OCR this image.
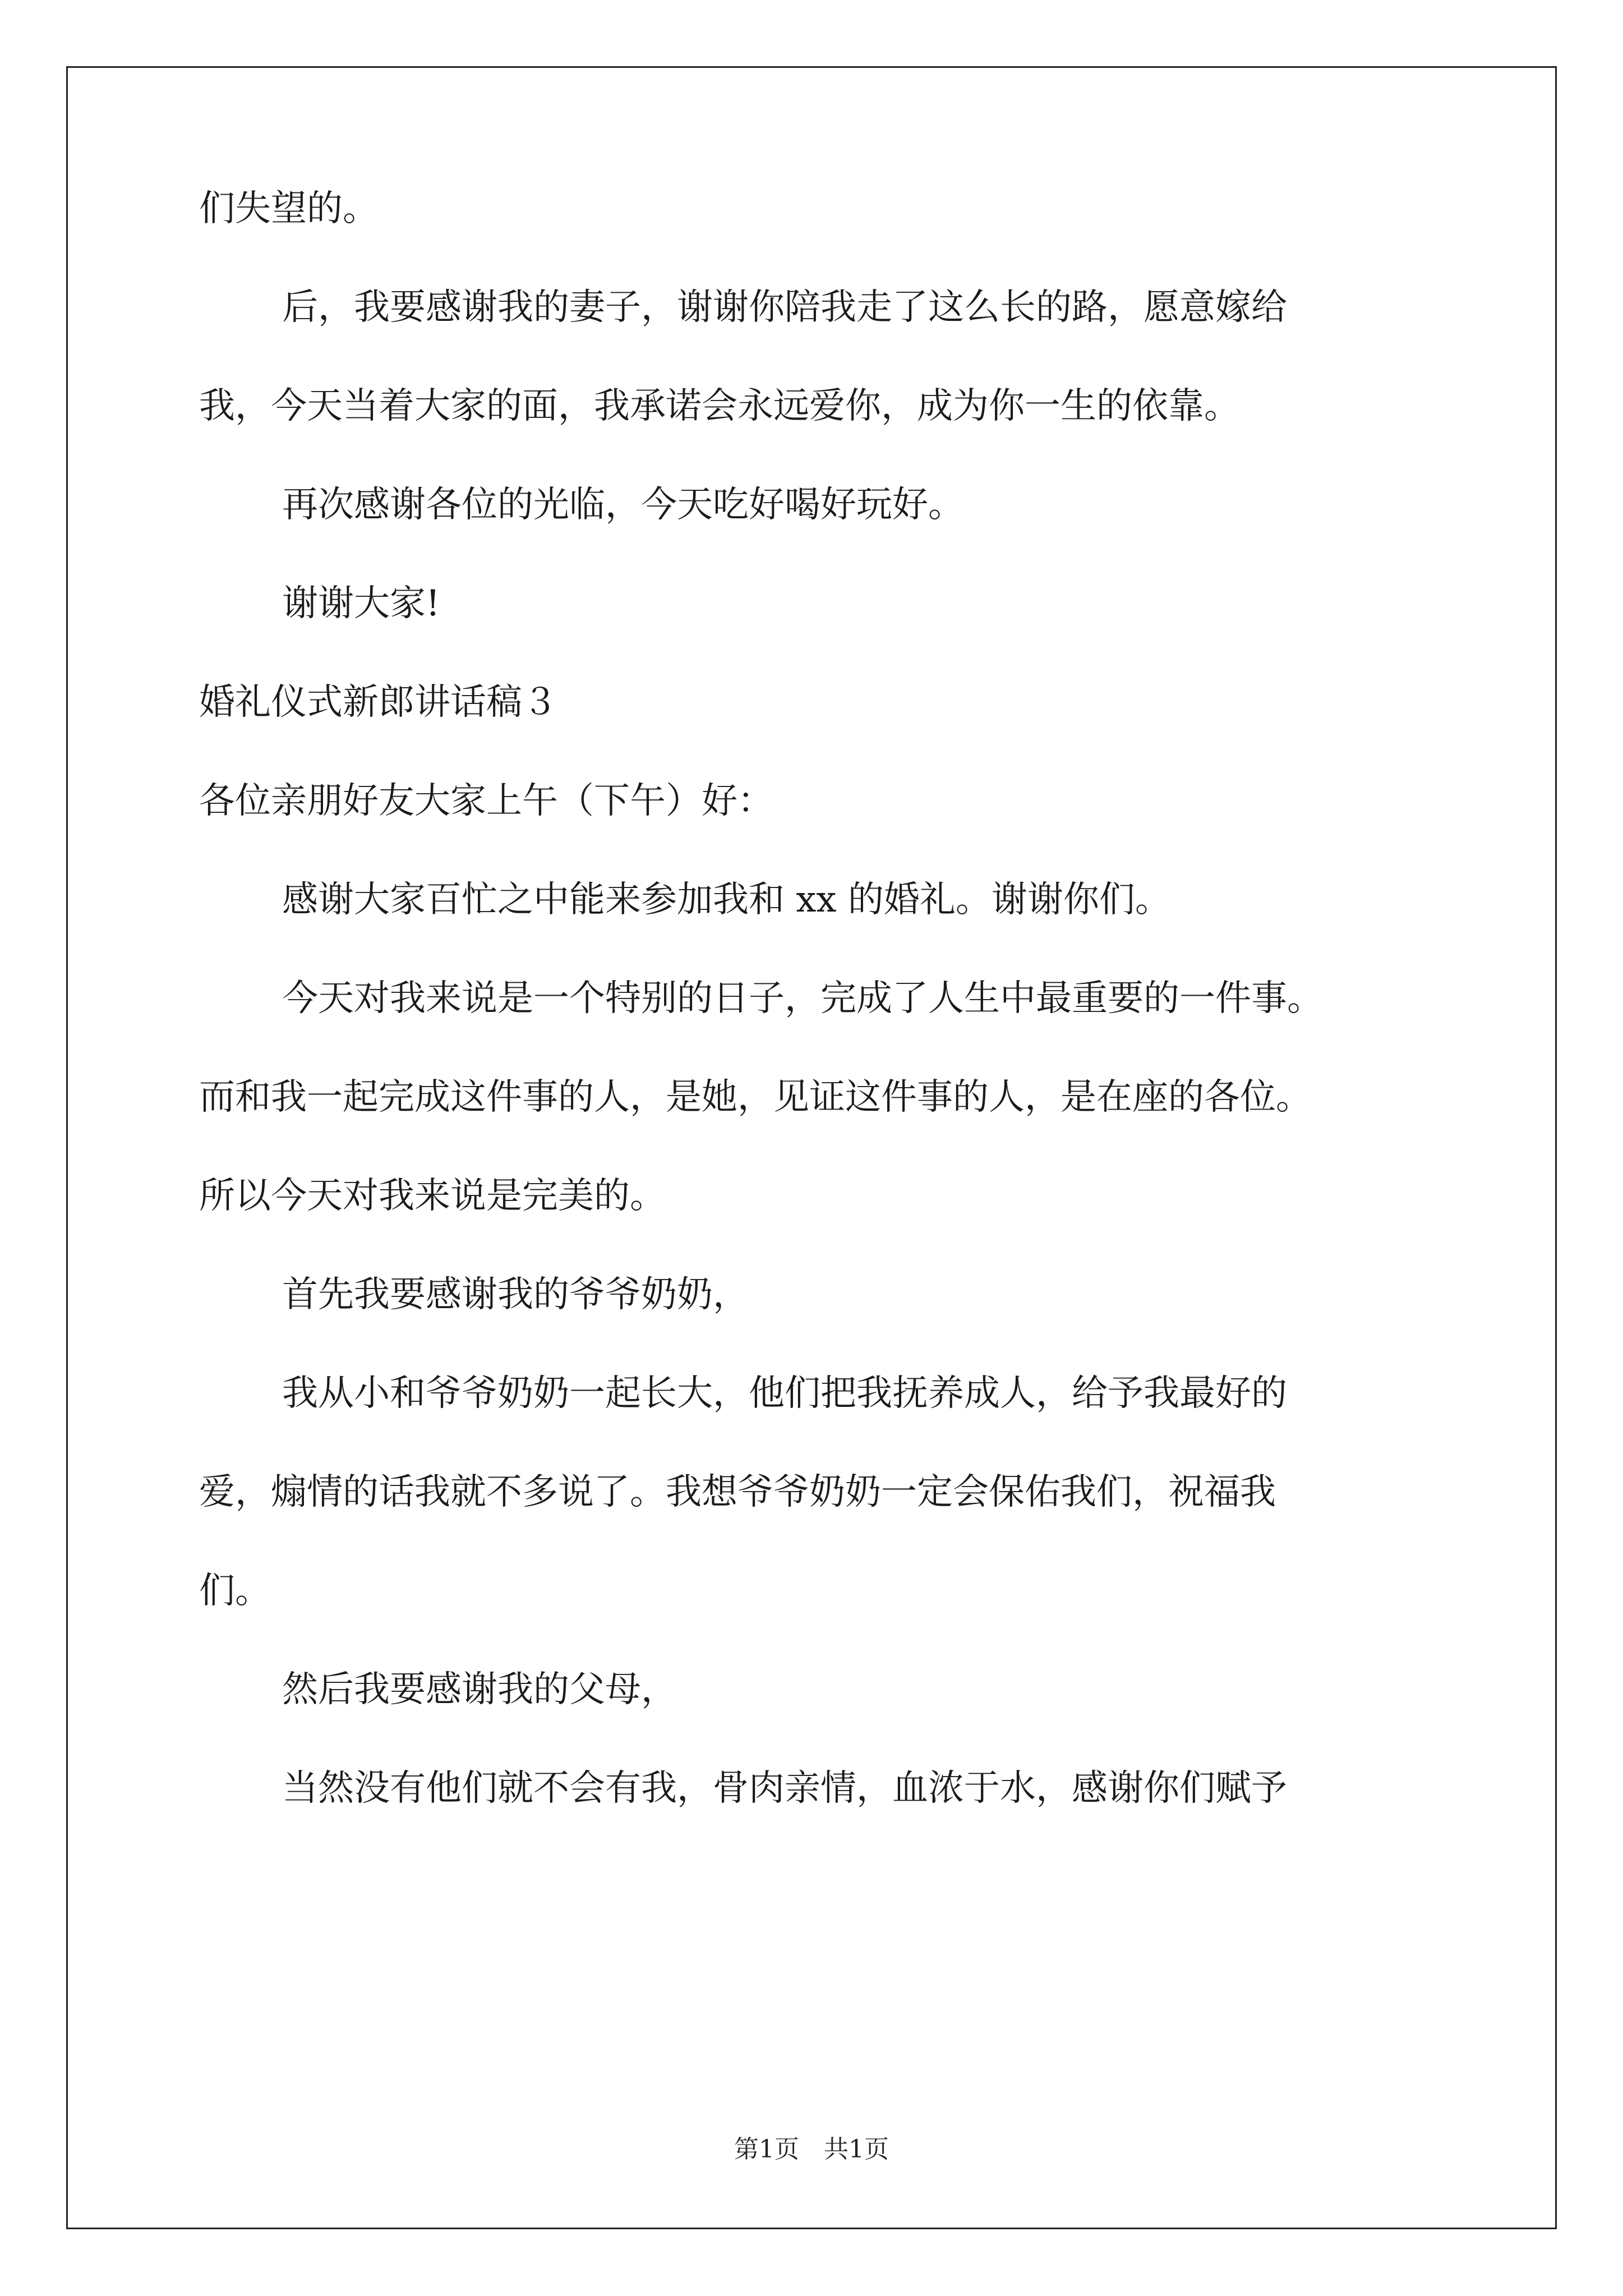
们失望的。
后，我要感谢我的妻子，谢谢你陪我走了这么长的路，愿意嫁给
我，今天当着大家的面，我承诺会永远爱你，成为你一生的依靠。
再次感谢各位的光临，今天吃好喝好玩好。
谢谢大家!
婚礼仪式新郎讲话稿３
各位亲朋好友大家上午（下午）好：
感谢大家百忙之中能来参加我和 xx 的婚礼。谢谢你们。
今天对我来说是一个特别的日子，完成了人生中最重要的一件事。
而和我一起完成这件事的人，是她，见证这件事的人，是在座的各位。
所以今天对我来说是完美的。
首先我要感谢我的爷爷奶奶，
我从小和爷爷奶奶一起长大，他们把我抚养成人，给予我最好的
爱，煽情的话我就不多说了。我想爷爷奶奶一定会保佑我们，祝福我
们。
然后我要感谢我的父母，
当然没有他们就不会有我，骨肉亲情，血浓于水，感谢你们赋予
第1页　共1页
